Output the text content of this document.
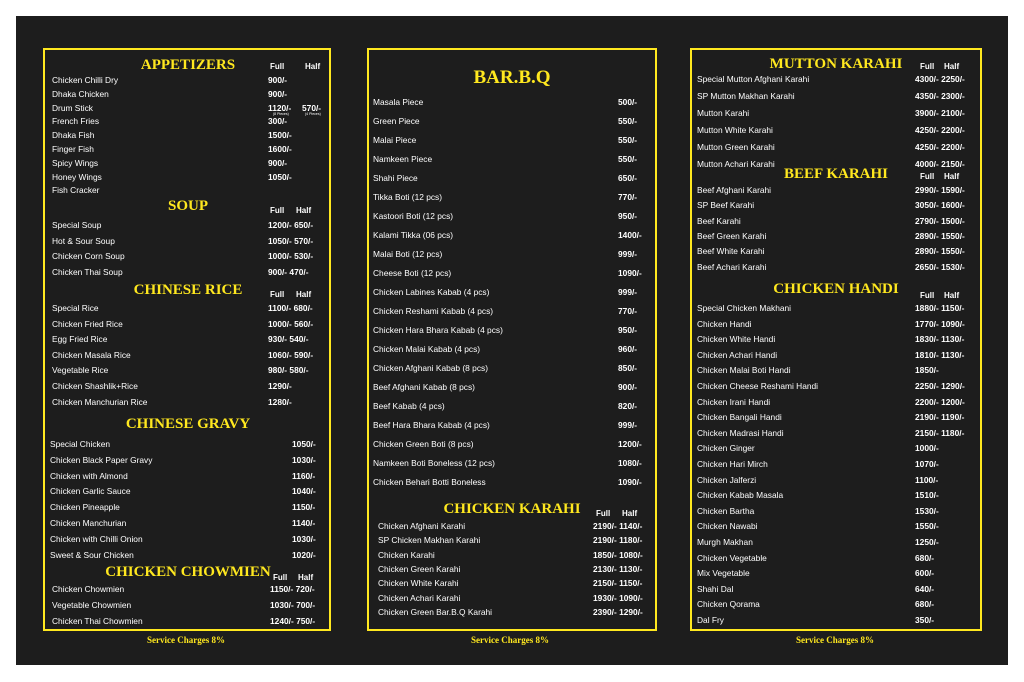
APPETIZERS	Full	Half
Chicken Chilli Dry	900/-
Dhaka Chicken	900/-
Drum Stick	1120/- 570/-
(8 Pieces)	(4 Pieces)
French Fries	300/-
Dhaka Fish	1500/-
Finger Fish	1600/-
Spicy Wings	900/-
Honey Wings	1050/-
Fish Cracker
SOUP	Full Half
Special Soup	1200/- 650/-
Hot & Sour Soup	1050/- 570/-
Chicken Corn Soup	1000/- 530/-
Chicken Thai Soup	900/- 470/-
CHINESE RICE	Full Half
Special Rice	1100/- 680/-
Chicken Fried Rice	1000/- 560/-
Egg Fried Rice	930/- 540/-
Chicken Masala Rice	1060/- 590/-
Vegetable Rice	980/- 580/-
Chicken Shashlik+Rice	1290/-
Chicken Manchurian Rice	1280/-
CHINESE GRAVY
Special Chicken	1050/-
Chicken Black Paper Gravy	1030/-
Chicken with Almond	1160/-
Chicken Garlic Sauce	1040/-
Chicken Pineapple	1150/-
Chicken Manchurian	1140/-
Chicken with Chilli Onion	1030/-
Sweet & Sour Chicken	1020/-
CHICKEN CHOWMIEN Full Half
Chicken Chowmien	1150/- 720/-
Vegetable Chowmien	1030/- 700/-
Chicken Thai Chowmien	1240/- 750/-
BAR.B.Q
Masala Piece	500/-
Green Piece	550/-
Malai Piece	550/-
Namkeen Piece	550/-
Shahi Piece	650/-
Tikka Boti (12 pcs)	770/-
Kastoori Boti (12 pcs)	950/-
Kalami Tikka (06 pcs)	1400/-
Malai Boti (12 pcs)	999/-
Cheese Boti (12 pcs)	1090/-
Chicken Labines Kabab (4 pcs)	999/-
Chicken Reshami Kabab (4 pcs)	770/-
Chicken Hara Bhara Kabab (4 pcs)	950/-
Chicken Malai Kabab (4 pcs)	960/-
Chicken Afghani Kabab (8 pcs)	850/-
Beef Afghani Kabab (8 pcs)	900/-
Beef Kabab (4 pcs)	820/-
Beef Hara Bhara Kabab (4 pcs)	999/-
Chicken Green Boti (8 pcs)	1200/-
Namkeen Boti Boneless (12 pcs)	1080/-
Chicken Behari Botti Boneless	1090/-
CHICKEN KARAHI Full Half
Chicken Afghani Karahi	2190/- 1140/-
SP Chicken Makhan Karahi	2190/- 1180/-
Chicken Karahi	1850/- 1080/-
Chicken Green Karahi	2130/- 1130/-
Chicken White Karahi	2150/- 1150/-
Chicken Achari Karahi	1930/- 1090/-
Chicken Green Bar.B.Q Karahi	2390/- 1290/-
MUTTON KARAHI Full Half
Special Mutton Afghani Karahi	4300/- 2250/-
SP Mutton Makhan Karahi	4350/- 2300/-
Mutton Karahi	3900/- 2100/-
Mutton White Karahi	4250/- 2200/-
Mutton Green Karahi	4250/- 2200/-
Mutton Achari Karahi	4000/- 2150/-
BEEF KARAHI	Full Half
Beef Afghani Karahi	2990/- 1590/-
SP Beef Karahi	3050/- 1600/-
Beef Karahi	2790/- 1500/-
Beef Green Karahi	2890/- 1550/-
Beef White Karahi	2890/- 1550/-
Beef Achari Karahi	2650/- 1530/-
CHICKEN HANDI	Full Half
Special Chicken Makhani	1880/- 1150/-
Chicken Handi	1770/- 1090/-
Chicken White Handi	1830/- 1130/-
Chicken Achari Handi	1810/- 1130/-
Chicken Malai Boti Handi	1850/-
Chicken Cheese Reshami Handi	2250/- 1290/-
Chicken Irani Handi	2200/- 1200/-
Chicken Bangali Handi	2190/- 1190/-
Chicken Madrasi Handi	2150/- 1180/-
Chicken Ginger	1000/-
Chicken Hari Mirch	1070/-
Chicken Jalferzi	1100/-
Chicken Kabab Masala	1510/-
Chicken Bartha	1530/-
Chicken Nawabi	1550/-
Murgh Makhan	1250/-
Chicken Vegetable	680/-
Mix Vegetable	600/-
Shahi Dal	640/-
Chicken Qorama	680/-
Dal Fry	350/-
Service Charges 8%	Service Charges 8%	Service Charges 8%
